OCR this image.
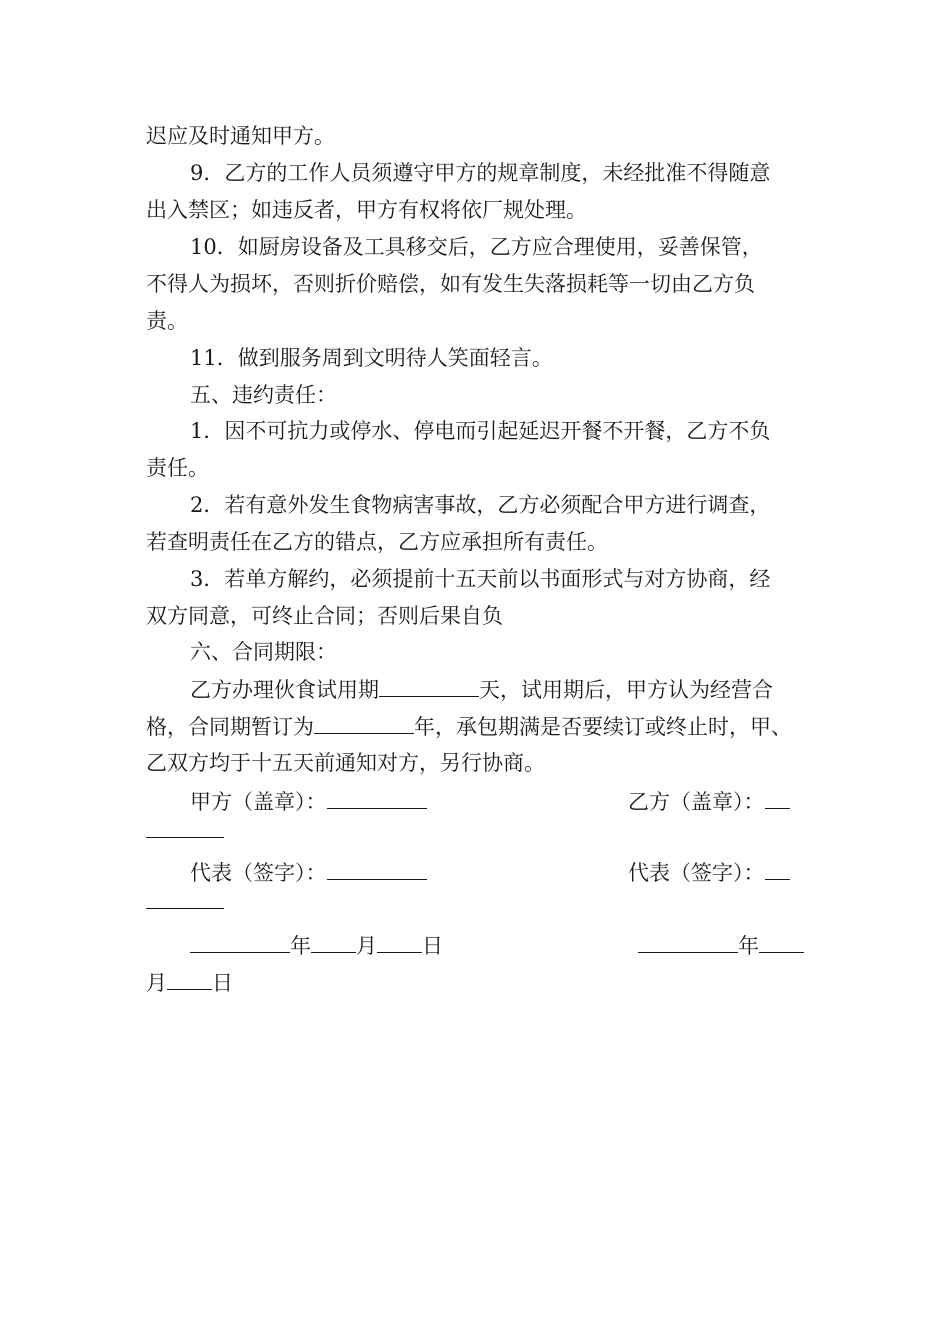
迟应及时通知甲方。
9．乙方的工作人员须遵守甲方的规章制度，未经批准不得随意
出入禁区；如违反者，甲方有权将依厂规处理。
10．如厨房设备及工具移交后，乙方应合理使用，妥善保管，
不得人为损坏，否则折价赔偿，如有发生失落损耗等一切由乙方负
责。
11．做到服务周到文明待人笑面轻言。
五、违约责任：
1．因不可抗力或停水、停电而引起延迟开餐不开餐，乙方不负
责任。
2．若有意外发生食物病害事故，乙方必须配合甲方进行调查，
若查明责任在乙方的错点，乙方应承担所有责任。
3．若单方解约，必须提前十五天前以书面形式与对方协商，经
双方同意，可终止合同；否则后果自负
六、合同期限：
乙方办理伙食试用期	天，试用期后，甲方认为经营合
格，合同期暂订为	年，承包期满是否要续订或终止时，甲、
乙双方均于十五天前通知对方，另行协商。
甲方（盖章）：	乙方（盖章）：
代表（签字）：	代表（签字）：
年 月 日	年
月 日
